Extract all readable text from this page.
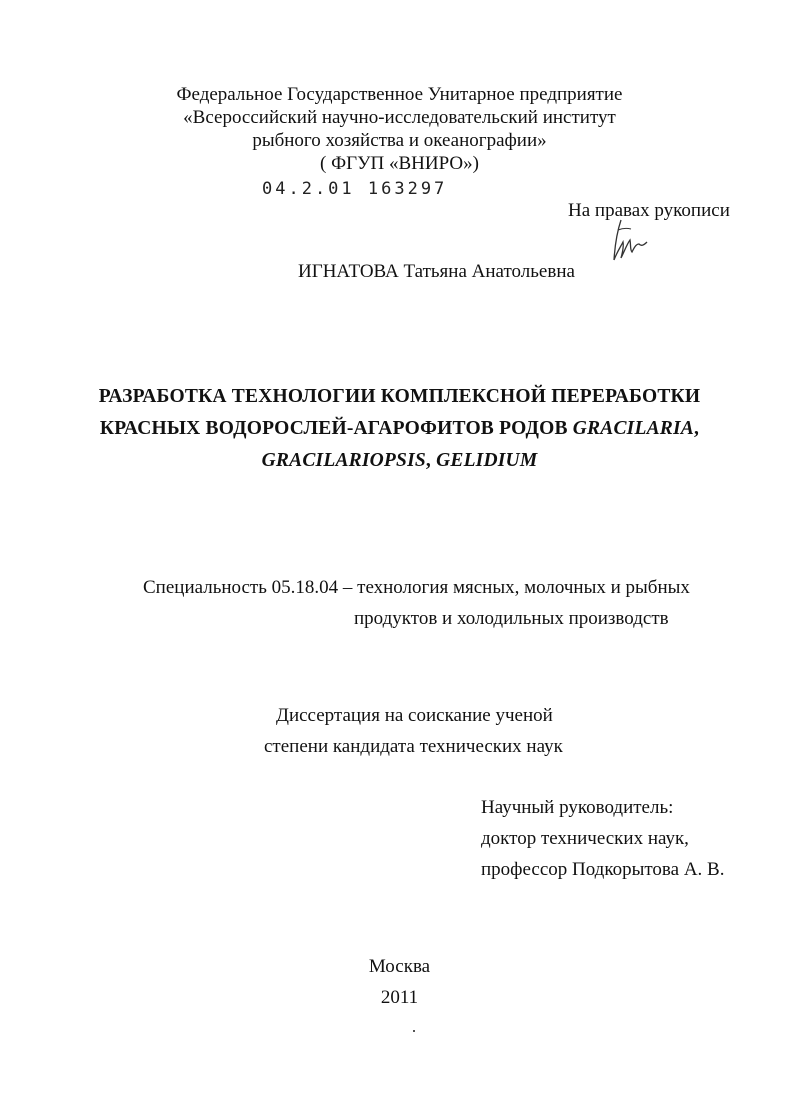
Федеральное Государственное Унитарное предприятие
«Всероссийский научно-исследовательский институт
рыбного хозяйства и океанографии»
( ФГУП «ВНИРО»)
04.2.01 163297
На правах рукописи
ИГНАТОВА Татьяна Анатольевна
РАЗРАБОТКА ТЕХНОЛОГИИ КОМПЛЕКСНОЙ ПЕРЕРАБОТКИ
КРАСНЫХ ВОДОРОСЛЕЙ-АГАРОФИТОВ РОДОВ GRACILARIA,
GRACILARIOPSIS, GELIDIUM
Специальность 05.18.04 – технология мясных, молочных и рыбных
продуктов и холодильных производств
Диссертация на соискание ученой
степени кандидата технических наук
Научный руководитель:
доктор технических наук,
профессор Подкорытова А. В.
Москва
2011
